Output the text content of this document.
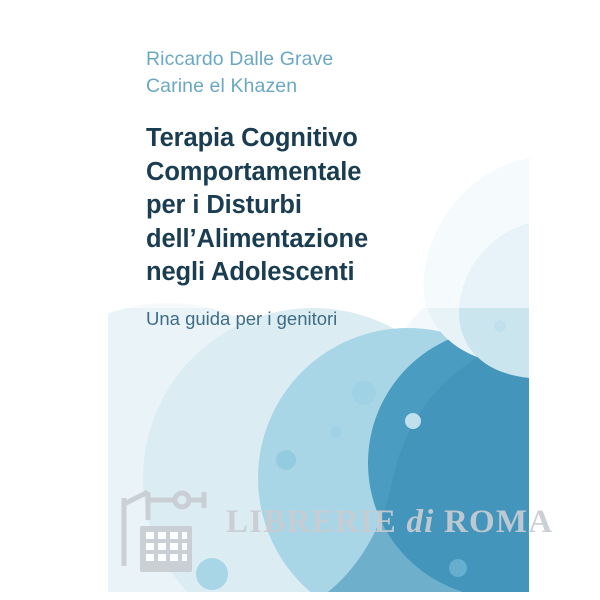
Riccardo Dalle Grave
Carine el Khazen
Terapia Cognitivo
Comportamentale
per i Disturbi
dell’Alimentazione
negli Adolescenti
Una guida per i genitori
LIBRERIE di ROMA
